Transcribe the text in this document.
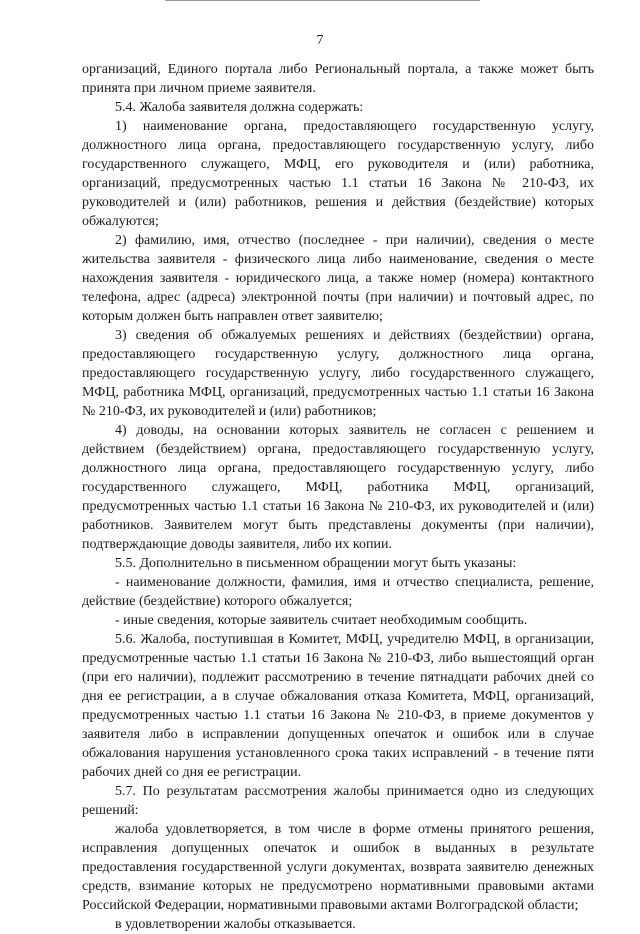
7

организаций, Единого портала либо Региональный портала, а также может быть принята при личном приеме заявителя.

5.4. Жалоба заявителя должна содержать:

1) наименование органа, предоставляющего государственную услугу, должностного лица органа, предоставляющего государственную услугу, либо государственного служащего, МФЦ, его руководителя и (или) работника, организаций, предусмотренных частью 1.1 статьи 16 Закона № 210-ФЗ, их руководителей и (или) работников, решения и действия (бездействие) которых обжалуются;

2) фамилию, имя, отчество (последнее - при наличии), сведения о месте жительства заявителя - физического лица либо наименование, сведения о месте нахождения заявителя - юридического лица, а также номер (номера) контактного телефона, адрес (адреса) электронной почты (при наличии) и почтовый адрес, по которым должен быть направлен ответ заявителю;

3) сведения об обжалуемых решениях и действиях (бездействии) органа, предоставляющего государственную услугу, должностного лица органа, предоставляющего государственную услугу, либо государственного служащего, МФЦ, работника МФЦ, организаций, предусмотренных частью 1.1 статьи 16 Закона № 210-ФЗ, их руководителей и (или) работников;

4) доводы, на основании которых заявитель не согласен с решением и действием (бездействием) органа, предоставляющего государственную услугу, должностного лица органа, предоставляющего государственную услугу, либо государственного служащего, МФЦ, работника МФЦ, организаций, предусмотренных частью 1.1 статьи 16 Закона № 210-ФЗ, их руководителей и (или) работников. Заявителем могут быть представлены документы (при наличии), подтверждающие доводы заявителя, либо их копии.

5.5. Дополнительно в письменном обращении могут быть указаны:

- наименование должности, фамилия, имя и отчество специалиста, решение, действие (бездействие) которого обжалуется;

- иные сведения, которые заявитель считает необходимым сообщить.

5.6. Жалоба, поступившая в Комитет, МФЦ, учредителю МФЦ, в организации, предусмотренные частью 1.1 статьи 16 Закона № 210-ФЗ, либо вышестоящий орган (при его наличии), подлежит рассмотрению в течение пятнадцати рабочих дней со дня ее регистрации, а в случае обжалования отказа Комитета, МФЦ, организаций, предусмотренных частью 1.1 статьи 16 Закона № 210-ФЗ, в приеме документов у заявителя либо в исправлении допущенных опечаток и ошибок или в случае обжалования нарушения установленного срока таких исправлений - в течение пяти рабочих дней со дня ее регистрации.

5.7. По результатам рассмотрения жалобы принимается одно из следующих решений:

жалоба удовлетворяется, в том числе в форме отмены принятого решения, исправления допущенных опечаток и ошибок в выданных в результате предоставления государственной услуги документах, возврата заявителю денежных средств, взимание которых не предусмотрено нормативными правовыми актами Российской Федерации, нормативными правовыми актами Волгоградской области;

в удовлетворении жалобы отказывается.
